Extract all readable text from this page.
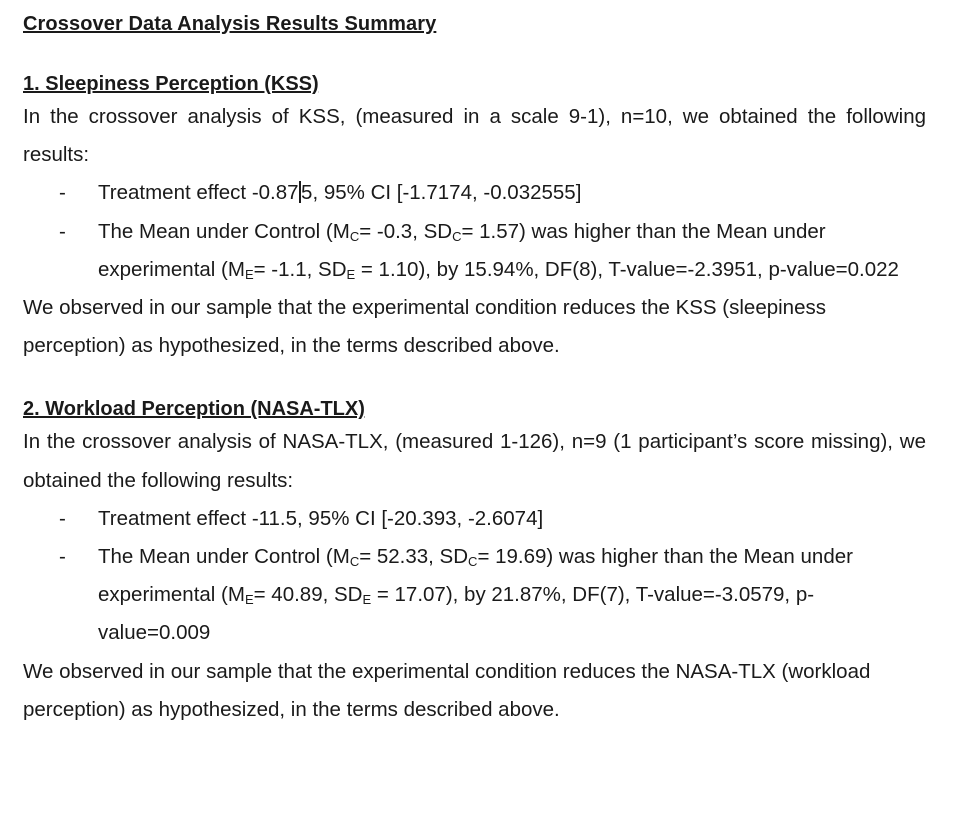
Crossover Data Analysis Results Summary
1. Sleepiness Perception (KSS)

In the crossover analysis of KSS, (measured in a scale 9-1), n=10, we obtained the following results:

- Treatment effect -0.87 5, 95% CI [-1.7174, -0.032555]
- The Mean under Control ($M_C= -0.3$, $SD_C= 1.57$) was higher than the Mean under experimental ($M_E= -1.1$, $SD_E = 1.10$), by 15.94%, DF(8), T-value=-2.3951, p-value=0.022

We observed in our sample that the experimental condition reduces the KSS (sleepiness perception) as hypothesized, in the terms described above.

2. Workload Perception (NASA-TLX)

In the crossover analysis of NASA-TLX, (measured 1-126), n=9 (1 participant’s score missing), we obtained the following results:

- Treatment effect -11.5, 95% CI [-20.393, -2.6074]
- The Mean under Control ($M_C= 52.33$, $SD_C= 19.69$) was higher than the Mean under experimental ($M_E= 40.89$, $SD_E = 17.07$), by 21.87%, DF(7), T-value=-3.0579, p-value=0.009

We observed in our sample that the experimental condition reduces the NASA-TLX (workload perception) as hypothesized, in the terms described above.
